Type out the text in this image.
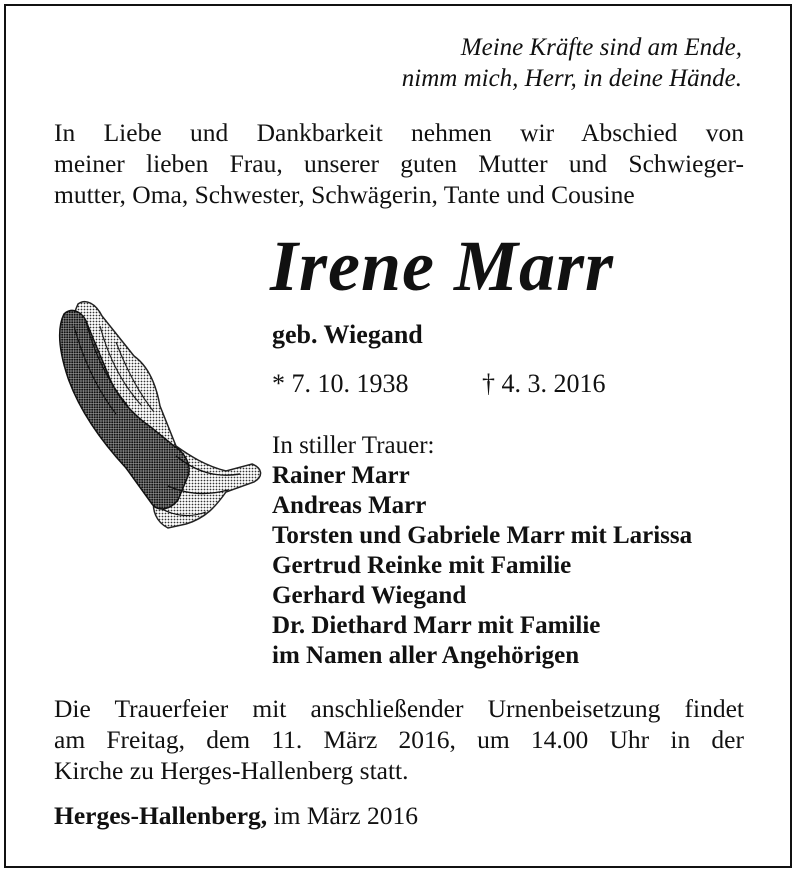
Meine Kräfte sind am Ende,
nimm mich, Herr, in deine Hände.
In Liebe und Dankbarkeit nehmen wir Abschied von
meiner lieben Frau, unserer guten Mutter und Schwieger-
mutter, Oma, Schwester, Schwägerin, Tante und Cousine
Irene Marr
geb. Wiegand
* 7. 10. 1938	† 4. 3. 2016
In stiller Trauer:
Rainer Marr
Andreas Marr
Torsten und Gabriele Marr mit Larissa
Gertrud Reinke mit Familie
Gerhard Wiegand
Dr. Diethard Marr mit Familie
im Namen aller Angehörigen
Die Trauerfeier mit anschließender Urnenbeisetzung findet
am Freitag, dem 11. März 2016, um 14.00 Uhr in der
Kirche zu Herges-Hallenberg statt.
Herges-Hallenberg, im März 2016
